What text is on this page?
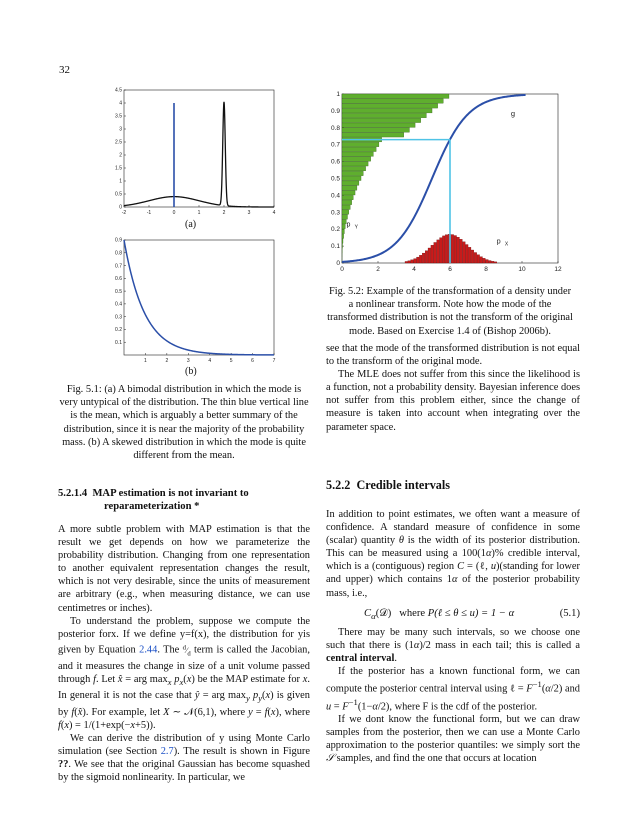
32
-2	-1	0	1	2	3	4
0
0.5
1
1.5
2
2.5
3
3.5
4
4.5
(a)
1	2	3	4	5	6	7
0.1
0.2
0.3
0.4
0.5
0.6
0.7
0.8
0.9
(b)
Fig. 5.1: (a) A bimodal distribution in which the mode is very untypical of the distribution. The thin blue vertical line is the mean, which is arguably a better summary of the distribution, since it is near the majority of the probability mass. (b) A skewed distribution in which the mode is quite different from the mean.
0	2	4	6	8	10	12
0
0.1
0.2
0.3
0.4
0.5
0.6
0.7
0.8
0.9
1
g
p Y
p X
Fig. 5.2: Example of the transformation of a density under a nonlinear transform. Note how the mode of the transformed distribution is not the transform of the original mode. Based on Exercise 1.4 of (Bishop 2006b).
5.2.1.4 MAP estimation is not invariant to
reparameterization *

A more subtle problem with MAP estimation is that the result we get depends on how we parameterize the probability distribution. Changing from one representation to another equivalent representation changes the result, which is not very desirable, since the units of measurement are arbitrary (e.g., when measuring distance, we can use centimetres or inches).

To understand the problem, suppose we compute the posterior forx. If we define y=f(x), the distribution for yis given by Equation 2.44. The $^d⁄_d$ term is called the Jacobian, and it measures the change in size of a unit volume passed through f. Let x̂ = arg $\max_x p_x(x)$ be the MAP estimate for x. In general it is not the case that ŷ = arg $\max_y p_y(x)$ is given by f(x̂). For example, let X ∼ 𝒩(6,1), where y = f(x), where f(x) = 1/(1+exp(−x+5)).

We can derive the distribution of y using Monte Carlo simulation (see Section 2.7). The result is shown in Figure ??. We see that the original Gaussian has become squashed by the sigmoid nonlinearity. In particular, we

see that the mode of the transformed distribution is not equal to the transform of the original mode.

The MLE does not suffer from this since the likelihood is a function, not a probability density. Bayesian inference does not suffer from this problem either, since the change of measure is taken into account when integrating over the parameter space.

5.2.2 Credible intervals

In addition to point estimates, we often want a measure of confidence. A standard measure of confidence in some (scalar) quantity θ is the width of its posterior distribution. This can be measured using a 100(1α)% credible interval, which is a (contiguous) region C = (ℓ, u)(standing for lower and upper) which contains 1α of the posterior probability mass, i.e.,

$C_\alpha(𝒟)$   where P(ℓ ≤ θ ≤ u) = 1 − α	(5.1)

There may be many such intervals, so we choose one such that there is (1α)/2 mass in each tail; this is called a central interval.

If the posterior has a known functional form, we can compute the posterior central interval using ℓ = $F^{-1}(\alpha/2)$ and $u = F^{-1}(1-\alpha/2)$, where F is the cdf of the posterior.

If we dont know the functional form, but we can draw samples from the posterior, then we can use a Monte Carlo approximation to the posterior quantiles: we simply sort the 𝒮 samples, and find the one that occurs at location
